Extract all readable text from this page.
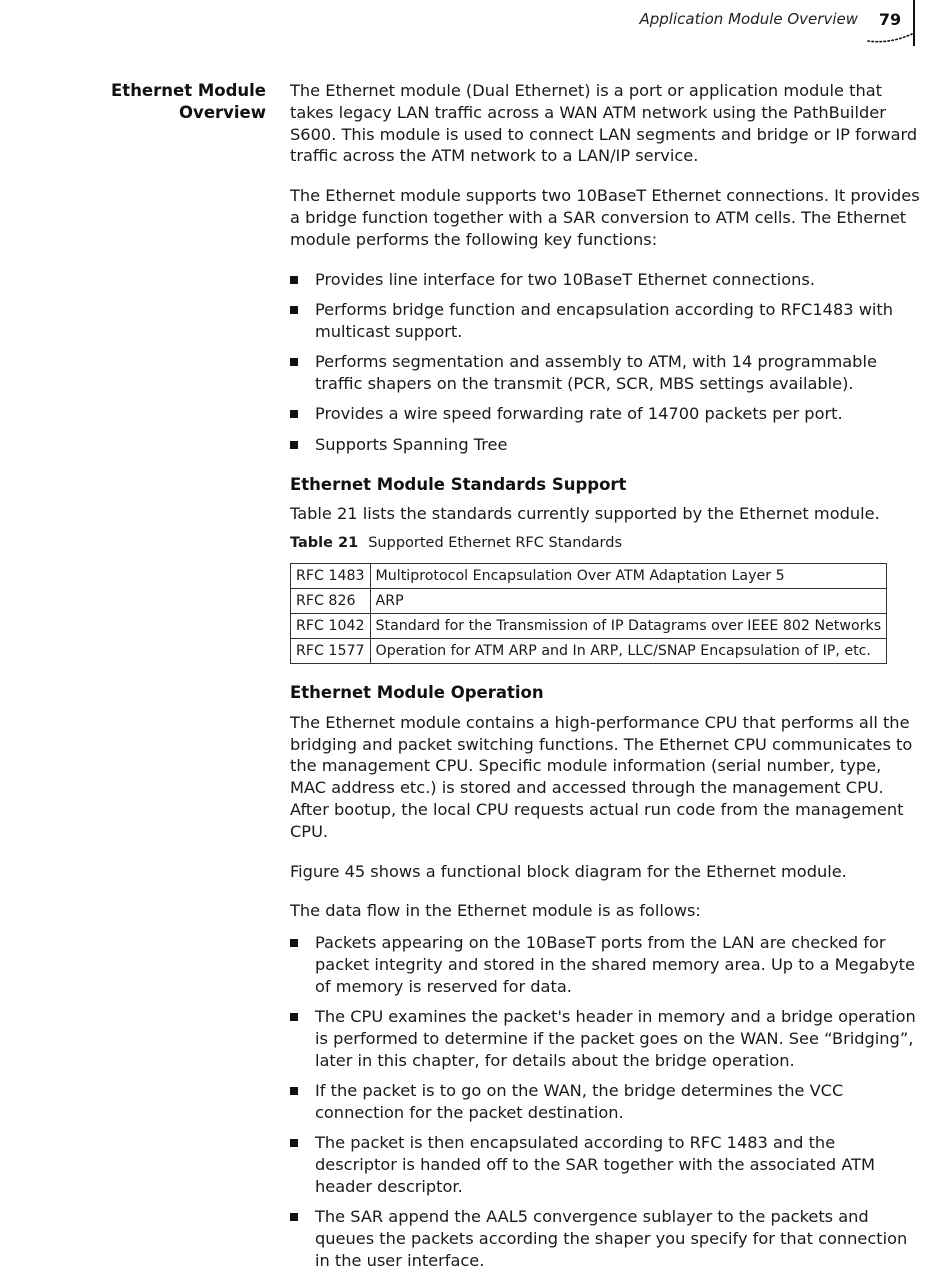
Application Module Overview	79
Ethernet Module
Overview

The Ethernet module (Dual Ethernet) is a port or application module that takes legacy LAN traffic across a WAN ATM network using the PathBuilder S600. This module is used to connect LAN segments and bridge or IP forward traffic across the ATM network to a LAN/IP service.

The Ethernet module supports two 10BaseT Ethernet connections. It provides a bridge function together with a SAR conversion to ATM cells. The Ethernet module performs the following key functions:

Provides line interface for two 10BaseT Ethernet connections.
Performs bridge function and encapsulation according to RFC1483 with multicast support.
Performs segmentation and assembly to ATM, with 14 programmable traffic shapers on the transmit (PCR, SCR, MBS settings available).
Provides a wire speed forwarding rate of 14700 packets per port.
Supports Spanning Tree
Ethernet Module Standards Support

Table 21 lists the standards currently supported by the Ethernet module.

Table 21 Supported Ethernet RFC Standards
RFC 1483	Multiprotocol Encapsulation Over ATM Adaptation Layer 5
RFC 826	ARP
RFC 1042	Standard for the Transmission of IP Datagrams over IEEE 802 Networks
RFC 1577	Operation for ATM ARP and In ARP, LLC/SNAP Encapsulation of IP, etc.
Ethernet Module Operation

The Ethernet module contains a high-performance CPU that performs all the bridging and packet switching functions. The Ethernet CPU communicates to the management CPU. Specific module information (serial number, type, MAC address etc.) is stored and accessed through the management CPU. After bootup, the local CPU requests actual run code from the management CPU.

Figure 45 shows a functional block diagram for the Ethernet module.

The data flow in the Ethernet module is as follows:

Packets appearing on the 10BaseT ports from the LAN are checked for packet integrity and stored in the shared memory area. Up to a Megabyte of memory is reserved for data.
The CPU examines the packet's header in memory and a bridge operation is performed to determine if the packet goes on the WAN. See “Bridging”, later in this chapter, for details about the bridge operation.
If the packet is to go on the WAN, the bridge determines the VCC connection for the packet destination.
The packet is then encapsulated according to RFC 1483 and the descriptor is handed off to the SAR together with the associated ATM header descriptor.
The SAR append the AAL5 convergence sublayer to the packets and queues the packets according the shaper you specify for that connection in the user interface.
